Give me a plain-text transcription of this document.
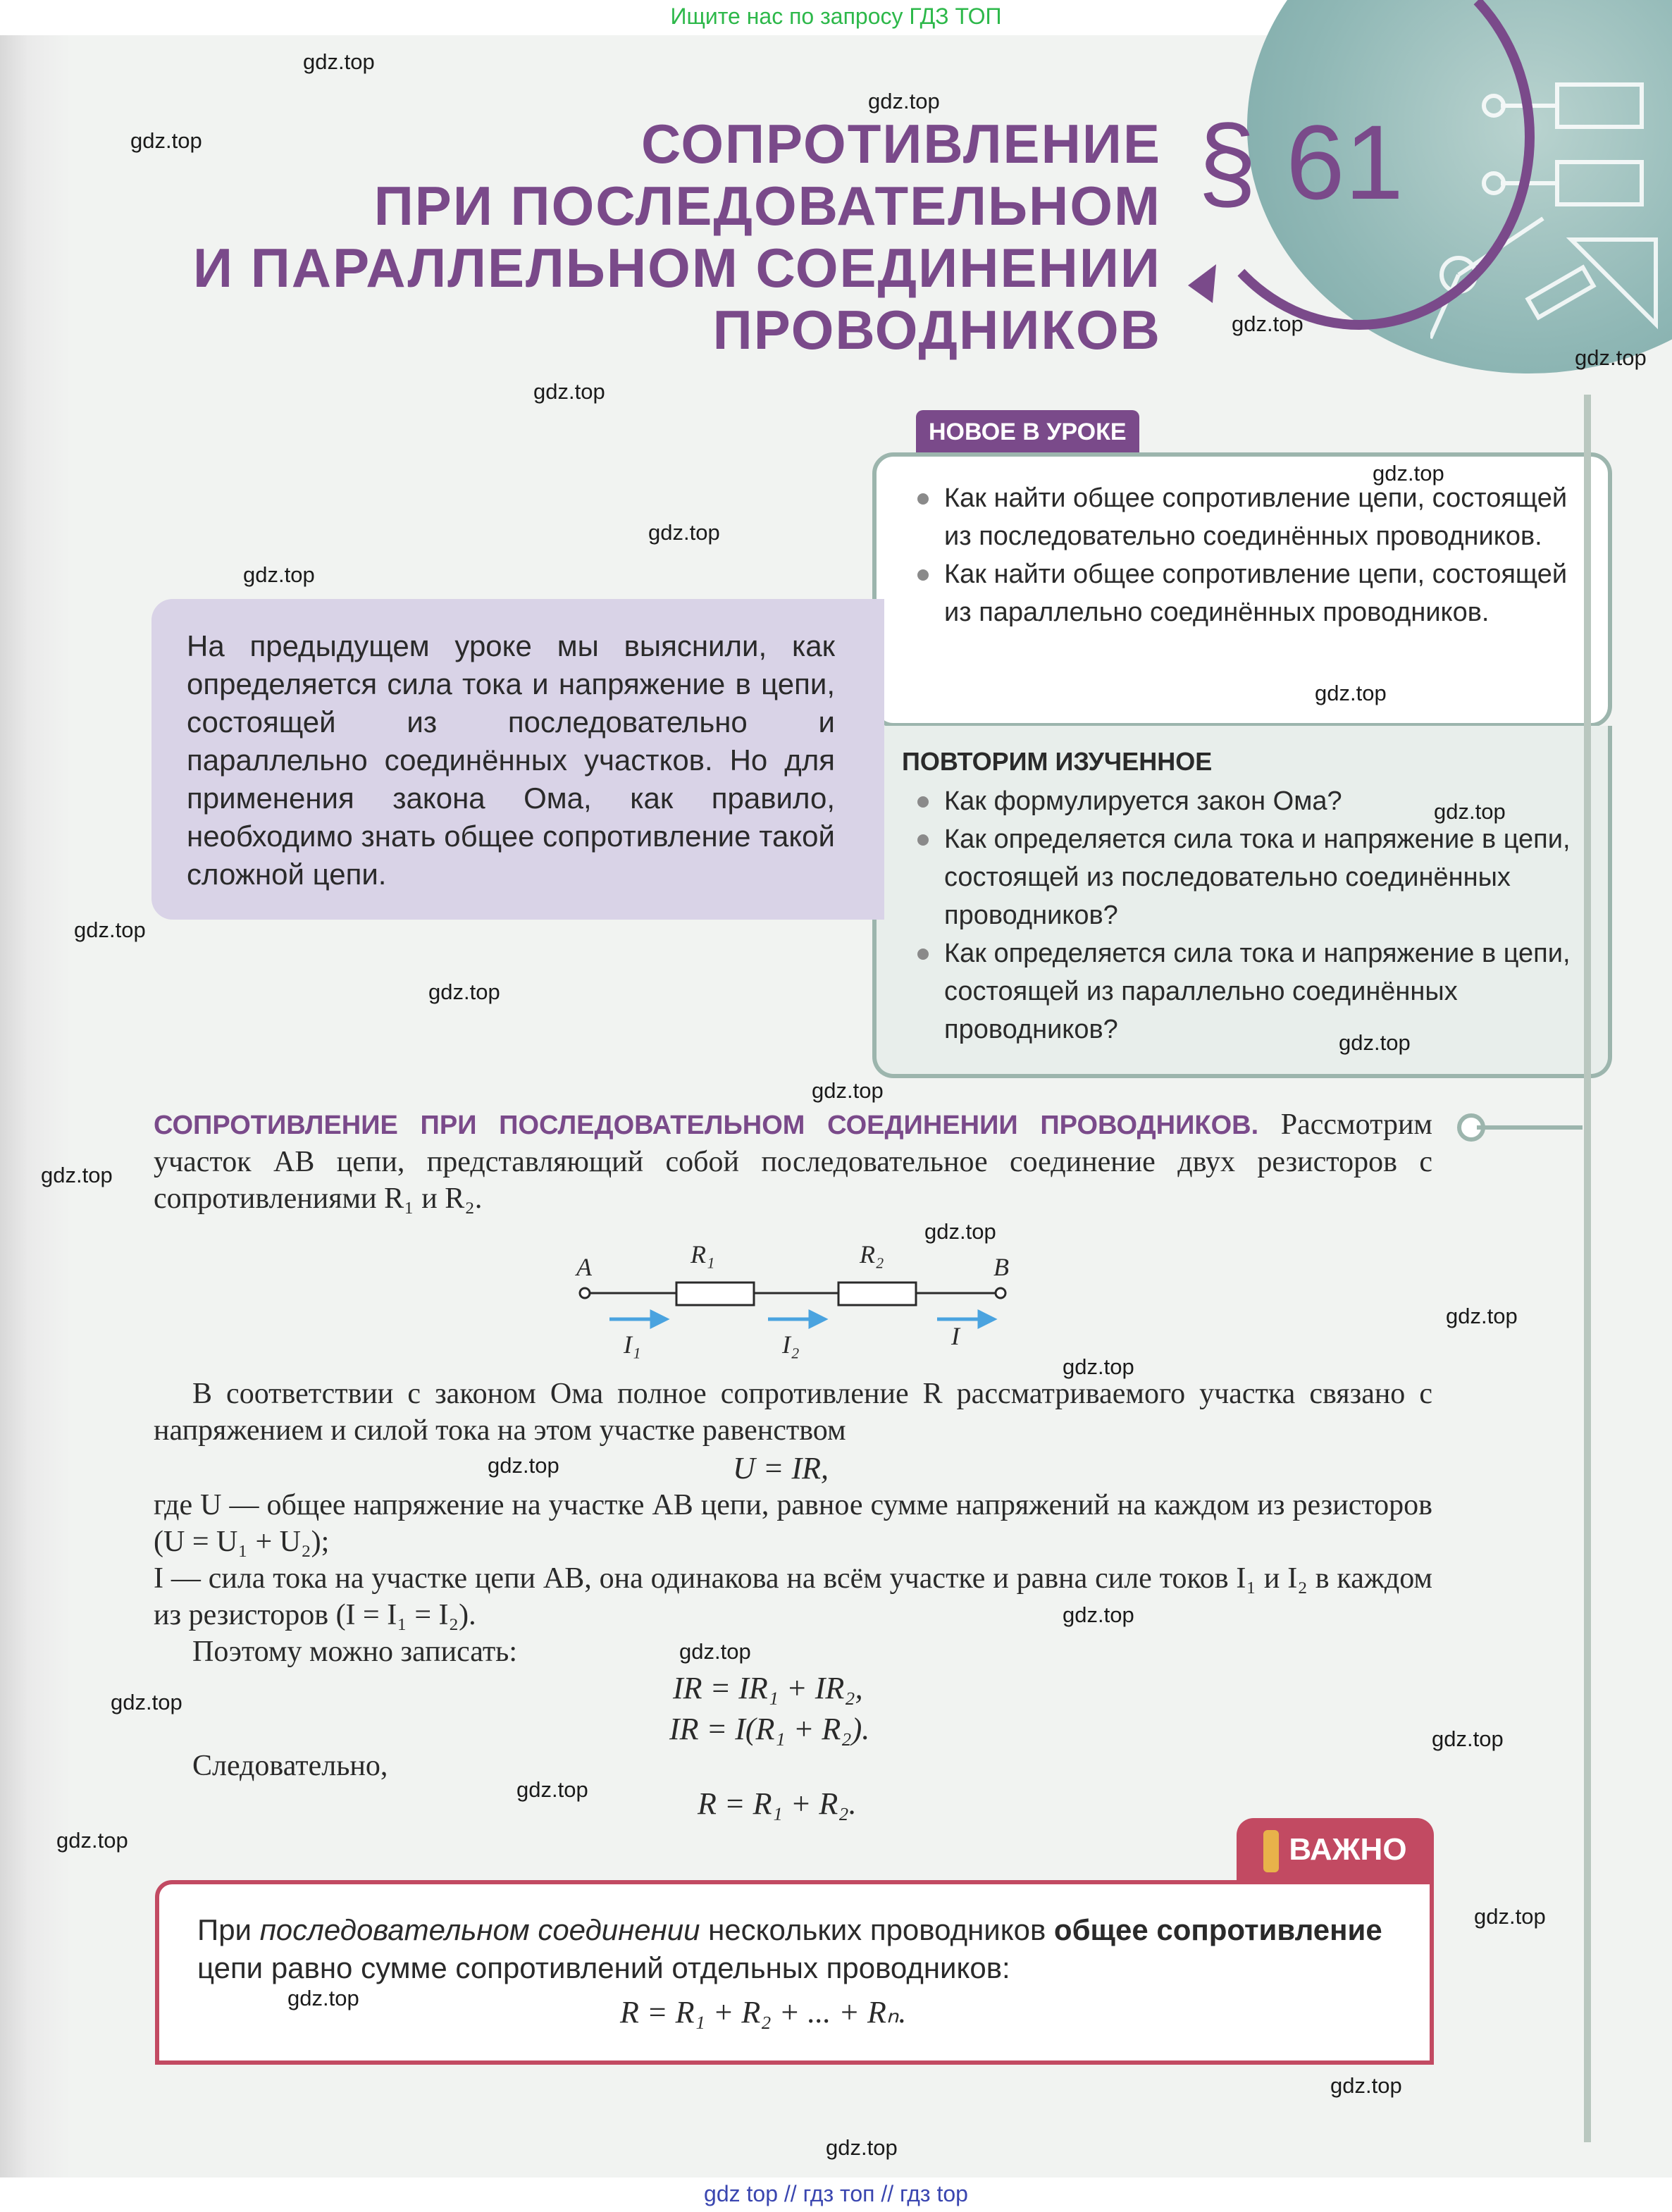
Ищите нас по запросу ГДЗ ТОП
§ 61
СОПРОТИВЛЕНИЕ
ПРИ ПОСЛЕДОВАТЕЛЬНОМ
И ПАРАЛЛЕЛЬНОМ СОЕДИНЕНИИ
ПРОВОДНИКОВ
НОВОЕ В УРОКЕ
Как найти общее сопротивление цепи, состоящей из последовательно соединённых проводников.
Как найти общее сопротивление цепи, состоящей из параллельно соединённых проводников.
ПОВТОРИМ ИЗУЧЕННОЕ
Как формулируется закон Ома?
Как определяется сила тока и напряжение в цепи, состоящей из последовательно соединённых проводников?
Как определяется сила тока и напряжение в цепи, состоящей из параллельно соединённых проводников?
На предыдущем уроке мы выяснили, как определяется сила тока и напряжение в цепи, состоящей из последовательно и параллельно соединённых участков. Но для применения закона Ома, как правило, необходимо знать общее сопротивление такой сложной цепи.
СОПРОТИВЛЕНИЕ ПРИ ПОСЛЕДОВАТЕЛЬНОМ СОЕДИНЕНИИ ПРОВОДНИКОВ. Рассмотрим участок AB цепи, представляющий собой последовательное соединение двух резисторов с сопротивлениями R₁ и R₂.
A	B
R₁	R₂
I₁	I₂	I
В соответствии с законом Ома полное сопротивление R рассматриваемого участка связано с напряжением и силой тока на этом участке равенством
U = IR,
где U — общее напряжение на участке AB цепи, равное сумме напряжений на каждом из резисторов (U = U₁ + U₂);
I — сила тока на участке цепи AB, она одинакова на всём участке и равна силе токов I₁ и I₂ в каждом из резисторов (I = I₁ = I₂).
Поэтому можно записать:
IR = IR₁ + IR₂,
IR = I(R₁ + R₂).
Следовательно,
R = R₁ + R₂.
ВАЖНО
При последовательном соединении нескольких проводников общее сопротивление цепи равно сумме сопротивлений отдельных проводников:
R = R₁ + R₂ + ... + Rₙ.
gdz.top
gdz.top
gdz.top
gdz.top
gdz.top
gdz.top
gdz.top
gdz.top
gdz.top
gdz.top
gdz.top
gdz.top
gdz.top
gdz.top
gdz.top
gdz.top
gdz.top
gdz.top
gdz.top
gdz.top
gdz.top
gdz.top
gdz.top
gdz.top
gdz.top
gdz.top
gdz.top
gdz.top
gdz.top
gdz.top
gdz top // гдз топ // гдз top
